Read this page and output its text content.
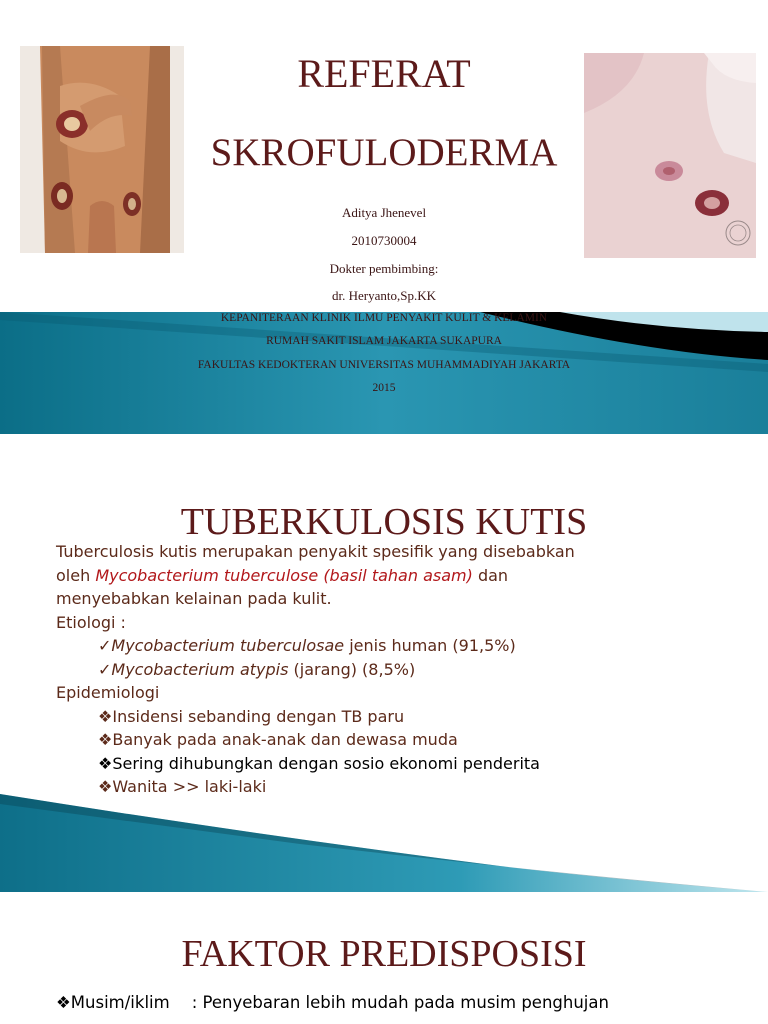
REFERAT
SKROFULODERMA
Aditya Jhenevel
2010730004
Dokter pembimbing:
dr. Heryanto,Sp.KK
KEPANITERAAN KLINIK ILMU PENYAKIT KULIT & KELAMIN
RUMAH SAKIT ISLAM JAKARTA SUKAPURA
FAKULTAS KEDOKTERAN UNIVERSITAS MUHAMMADIYAH JAKARTA
2015
TUBERKULOSIS KUTIS

Tuberculosis kutis merupakan penyakit spesifik yang disebabkan

oleh Mycobacterium tuberculose (basil tahan asam) dan

menyebabkan kelainan pada kulit.

Etiologi :

✓Mycobacterium tuberculosae jenis human (91,5%)

✓Mycobacterium atypis (jarang) (8,5%)

Epidemiologi

❖Insidensi sebanding dengan TB paru

❖Banyak pada anak-anak dan dewasa muda

❖Sering dihubungkan dengan sosio ekonomi penderita

❖Wanita >> laki-laki

FAKTOR PREDISPOSISI

❖Musim/iklim : Penyebaran lebih mudah pada musim penghujan
